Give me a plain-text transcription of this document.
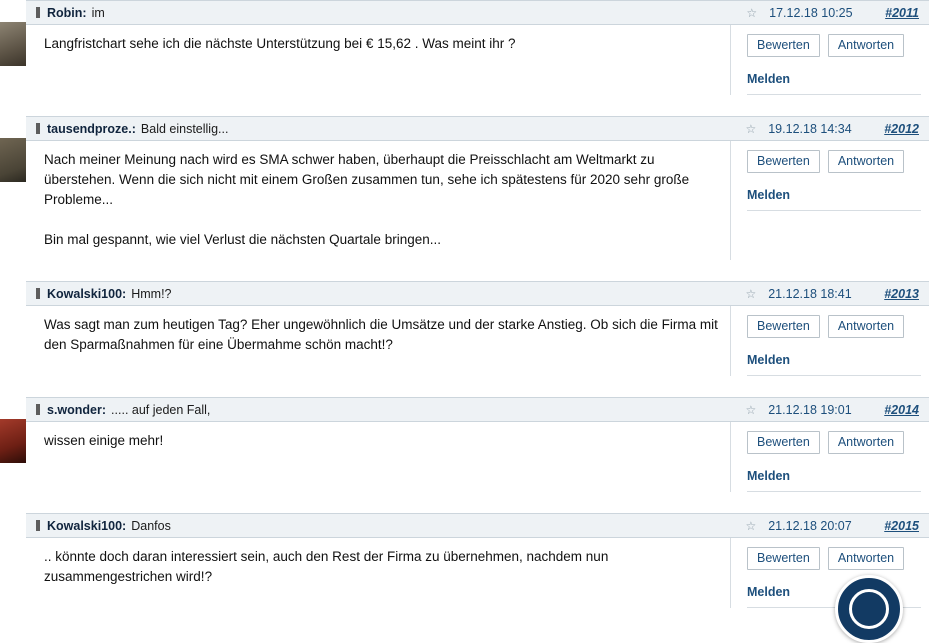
Robin: im	☆ 17.12.18 10:25	#2011

Langfristchart sehe ich die nächste Unterstützung bei € 15,62 . Was meint ihr ?	Bewerten	Antworten
Melden
tausendproze.: Bald einstellig...	☆ 19.12.18 14:34	#2012

Nach meiner Meinung nach wird es SMA schwer haben, überhaupt die Preisschlacht am Weltmarkt zu überstehen. Wenn die sich nicht mit einem Großen zusammen tun, sehe ich spätestens für 2020 sehr große Probleme...

Bin mal gespannt, wie viel Verlust die nächsten Quartale bringen...

Bewerten	Antworten
Melden
Kowalski100: Hmm!?	☆ 21.12.18 18:41	#2013

Was sagt man zum heutigen Tag? Eher ungewöhnlich die Umsätze und der starke Anstieg. Ob sich die Firma mit den Sparmaßnahmen für eine Übermahme schön macht!?

Bewerten	Antworten
Melden
s.wonder: ..... auf jeden Fall,	☆ 21.12.18 19:01	#2014

wissen einige mehr!	Bewerten	Antworten
Melden
Kowalski100: Danfos	☆ 21.12.18 20:07	#2015

.. könnte doch daran interessiert sein, auch den Rest der Firma zu übernehmen, nachdem nun zusammengestrichen wird!?

Bewerten	Antworten
Melden
